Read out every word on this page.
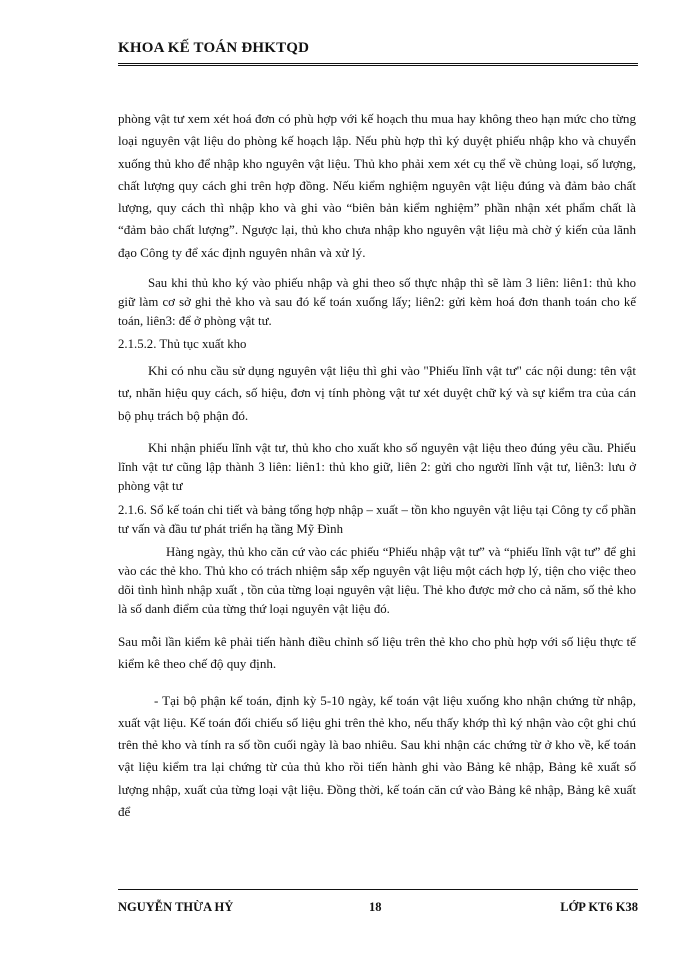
KHOA KẾ TOÁN ĐHKTQD

phòng vật tư xem xét hoá đơn có phù hợp với kế hoạch thu mua hay không theo hạn mức cho từng loại nguyên vật liệu do phòng kế hoạch lập. Nếu phù hợp thì ký duyệt phiếu nhập kho và chuyển xuống thủ kho để nhập kho nguyên vật liệu. Thủ kho phải xem xét cụ thể về chủng loại, số lượng, chất lượng quy cách ghi trên hợp đồng. Nếu kiểm nghiệm nguyên vật liệu đúng và đảm bảo chất lượng, quy cách thì nhập kho và ghi vào “biên bản kiểm nghiệm” phần nhận xét phẩm chất là “đảm bảo chất lượng”. Ngược lại, thủ kho chưa nhập kho nguyên vật liệu mà chờ ý kiến của lãnh đạo Công ty để xác định nguyên nhân và xử lý.

Sau khi thủ kho ký vào phiếu nhập và ghi theo số thực nhập thì sẽ làm 3 liên: liên1: thủ kho giữ làm cơ sở ghi thẻ kho và sau đó kế toán xuống lấy; liên2: gửi kèm hoá đơn thanh toán cho kế toán, liên3: để ở phòng vật tư.

2.1.5.2. Thủ tục xuất kho

Khi có nhu cầu sử dụng nguyên vật liệu thì ghi vào "Phiếu lĩnh vật tư" các nội dung: tên vật tư, nhãn hiệu quy cách, số hiệu, đơn vị tính phòng vật tư xét duyệt chữ ký và sự kiểm tra của cán bộ phụ trách bộ phận đó.

Khi nhận phiếu lĩnh vật tư, thủ kho cho xuất kho số nguyên vật liệu theo đúng yêu cầu. Phiếu lĩnh vật tư cũng lập thành 3 liên: liên1: thủ kho giữ, liên 2: gửi cho người lĩnh vật tư, liên3: lưu ở phòng vật tư

2.1.6. Sổ kế toán chi tiết và bảng tổng hợp nhập – xuất – tồn kho nguyên vật liệu tại Công ty cổ phần tư vấn và đầu tư phát triển hạ tầng Mỹ Đình

Hàng ngày, thủ kho căn cứ vào các phiếu “Phiếu nhập vật tư” và “phiếu lĩnh vật tư” để ghi vào các thẻ kho. Thủ kho có trách nhiệm sắp xếp nguyên vật liệu một cách hợp lý, tiện cho việc theo dõi tình hình nhập xuất , tồn của từng loại nguyên vật liệu. Thẻ kho được mở cho cả năm, số thẻ kho là số danh điểm của từng thứ loại nguyên vật liệu đó.

Sau mỗi lần kiểm kê phải tiến hành điều chỉnh số liệu trên thẻ kho cho phù hợp với số liệu thực tế kiểm kê theo chế độ quy định.

- Tại bộ phận kế toán, định kỳ 5-10 ngày, kế toán vật liệu xuống kho nhận chứng từ nhập, xuất vật liệu. Kế toán đối chiếu số liệu ghi trên thẻ kho, nếu thấy khớp thì ký nhận vào cột ghi chú trên thẻ kho và tính ra số tồn cuối ngày là bao nhiêu. Sau khi nhận các chứng từ ở kho về, kế toán vật liệu kiểm tra lại chứng từ của thủ kho rồi tiến hành ghi vào Bảng kê nhập, Bảng kê xuất số lượng nhập, xuất của từng loại vật liệu. Đồng thời, kế toán căn cứ vào Bảng kê nhập, Bảng kê xuất để

NGUYỄN THỪA HỶ	18	LỚP KT6 K38
